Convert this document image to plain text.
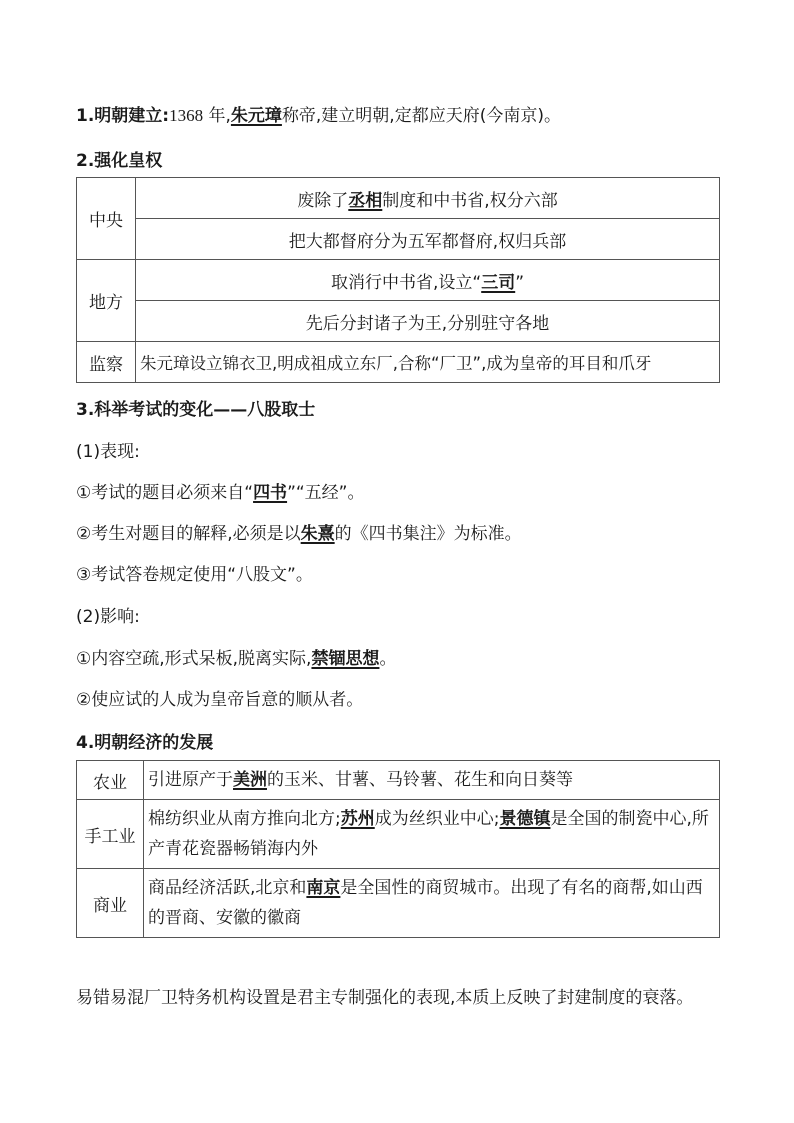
1.明朝建立:1368 年,朱元璋称帝,建立明朝,定都应天府(今南京)。
2.强化皇权
中央	废除了丞相制度和中书省,权分六部
	把大都督府分为五军都督府,权归兵部
地方	取消行中书省,设立“三司”
	先后分封诸子为王,分别驻守各地
监察	朱元璋设立锦衣卫,明成祖成立东厂,合称“厂卫”,成为皇帝的耳目和爪牙
3.科举考试的变化——八股取士
(1)表现:
①考试的题目必须来自“四书”“五经”。
②考生对题目的解释,必须是以朱熹的《四书集注》为标准。
③考试答卷规定使用“八股文”。
(2)影响:
①内容空疏,形式呆板,脱离实际,禁锢思想。
②使应试的人成为皇帝旨意的顺从者。
4.明朝经济的发展
农业	引进原产于美洲的玉米、甘薯、马铃薯、花生和向日葵等
手工业	棉纺织业从南方推向北方;苏州成为丝织业中心;景德镇是全国的制瓷中心,所产青花瓷器畅销海内外
商业	商品经济活跃,北京和南京是全国性的商贸城市。出现了有名的商帮,如山西的晋商、安徽的徽商
易错易混厂卫特务机构设置是君主专制强化的表现,本质上反映了封建制度的衰落。
